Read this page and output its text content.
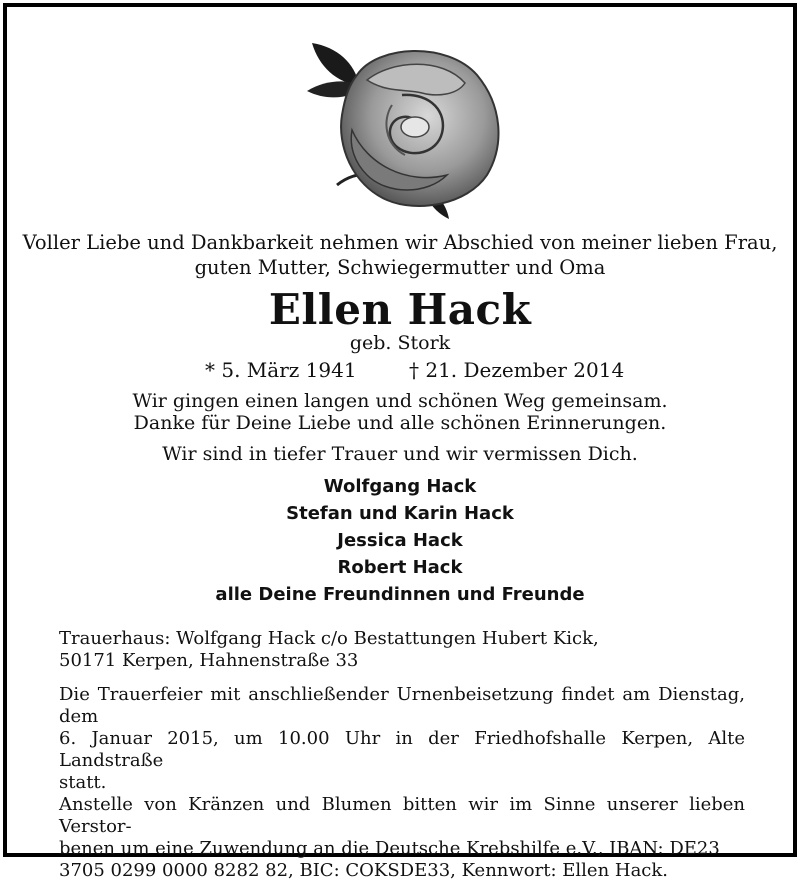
Voller Liebe und Dankbarkeit nehmen wir Abschied von meiner lieben Frau,
guten Mutter, Schwiegermutter und Oma
Ellen Hack
geb. Stork
* 5. März 1941	† 21. Dezember 2014
Wir gingen einen langen und schönen Weg gemeinsam.
Danke für Deine Liebe und alle schönen Erinnerungen.
Wir sind in tiefer Trauer und wir vermissen Dich.
Wolfgang Hack
Stefan und Karin Hack
Jessica Hack
Robert Hack
alle Deine Freundinnen und Freunde
Trauerhaus: Wolfgang Hack c/o Bestattungen Hubert Kick,
50171 Kerpen, Hahnenstraße 33
Die Trauerfeier mit anschließender Urnenbeisetzung findet am Dienstag, dem
6. Januar 2015, um 10.00 Uhr in der Friedhofshalle Kerpen, Alte Landstraße
statt.
Anstelle von Kränzen und Blumen bitten wir im Sinne unserer lieben Verstor-
benen um eine Zuwendung an die Deutsche Krebshilfe e.V., IBAN: DE23
3705 0299 0000 8282 82, BIC: COKSDE33, Kennwort: Ellen Hack.
